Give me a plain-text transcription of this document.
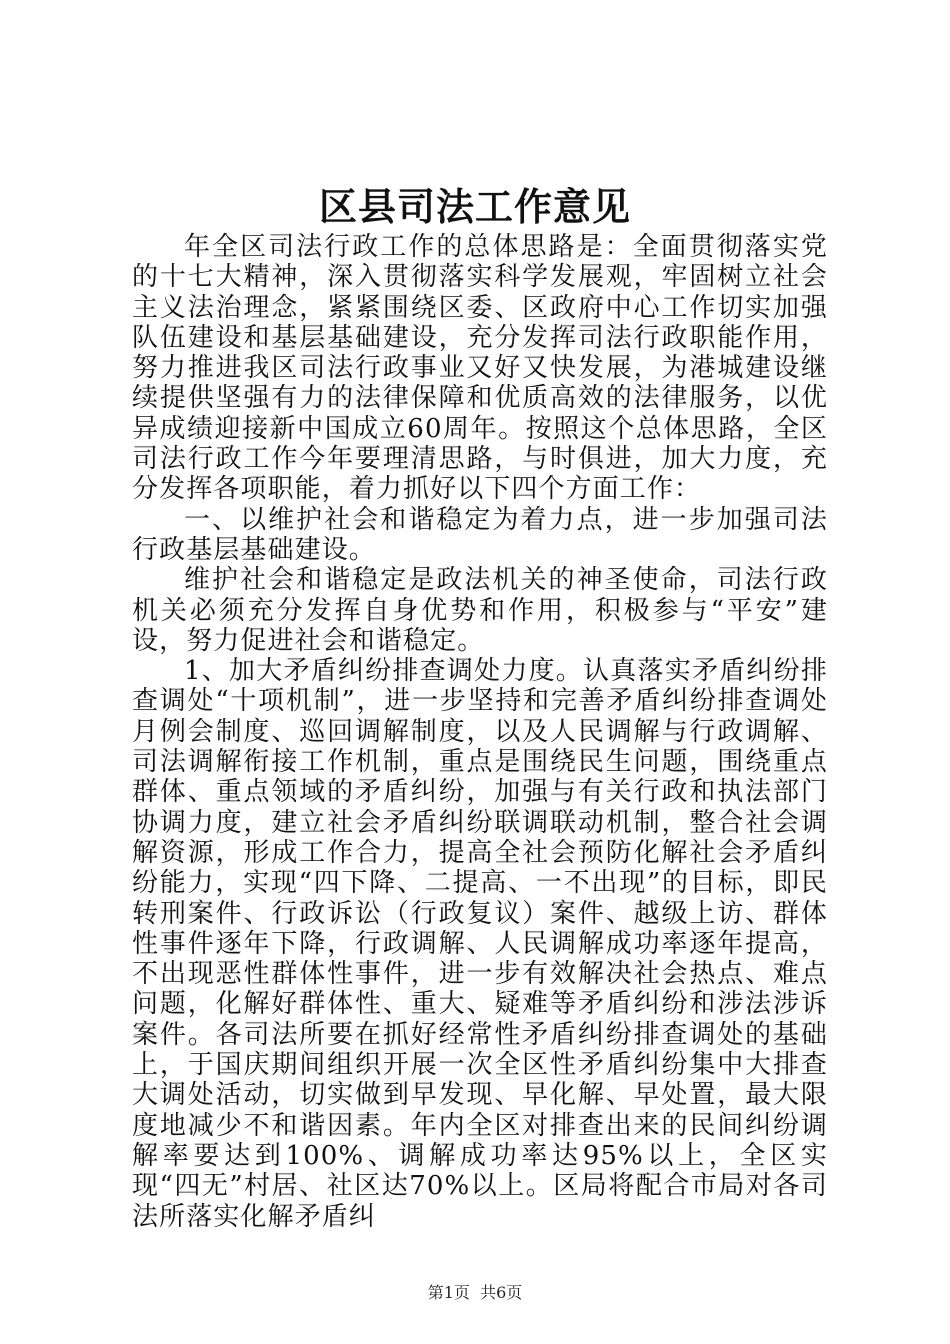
区县司法工作意见

年全区司法行政工作的总体思路是：全面贯彻落实党的十七大精神，深入贯彻落实科学发展观，牢固树立社会主义法治理念，紧紧围绕区委、区政府中心工作切实加强队伍建设和基层基础建设，充分发挥司法行政职能作用，努力推进我区司法行政事业又好又快发展，为港城建设继续提供坚强有力的法律保障和优质高效的法律服务，以优异成绩迎接新中国成立60周年。按照这个总体思路，全区司法行政工作今年要理清思路，与时俱进，加大力度，充分发挥各项职能，着力抓好以下四个方面工作：

一、以维护社会和谐稳定为着力点，进一步加强司法行政基层基础建设。

维护社会和谐稳定是政法机关的神圣使命，司法行政机关必须充分发挥自身优势和作用，积极参与“平安”建设，努力促进社会和谐稳定。

1、加大矛盾纠纷排查调处力度。认真落实矛盾纠纷排查调处“十项机制”，进一步坚持和完善矛盾纠纷排查调处月例会制度、巡回调解制度，以及人民调解与行政调解、司法调解衔接工作机制，重点是围绕民生问题，围绕重点群体、重点领域的矛盾纠纷，加强与有关行政和执法部门协调力度，建立社会矛盾纠纷联调联动机制，整合社会调解资源，形成工作合力，提高全社会预防化解社会矛盾纠纷能力，实现“四下降、二提高、一不出现”的目标，即民转刑案件、行政诉讼（行政复议）案件、越级上访、群体性事件逐年下降，行政调解、人民调解成功率逐年提高，不出现恶性群体性事件，进一步有效解决社会热点、难点问题，化解好群体性、重大、疑难等矛盾纠纷和涉法涉诉案件。各司法所要在抓好经常性矛盾纠纷排查调处的基础上，于国庆期间组织开展一次全区性矛盾纠纷集中大排查大调处活动，切实做到早发现、早化解、早处置，最大限度地减少不和谐因素。年内全区对排查出来的民间纠纷调解率要达到100%、调解成功率达95%以上，全区实现“四无”村居、社区达70%以上。区局将配合市局对各司法所落实化解矛盾纠

第1页  共6页
